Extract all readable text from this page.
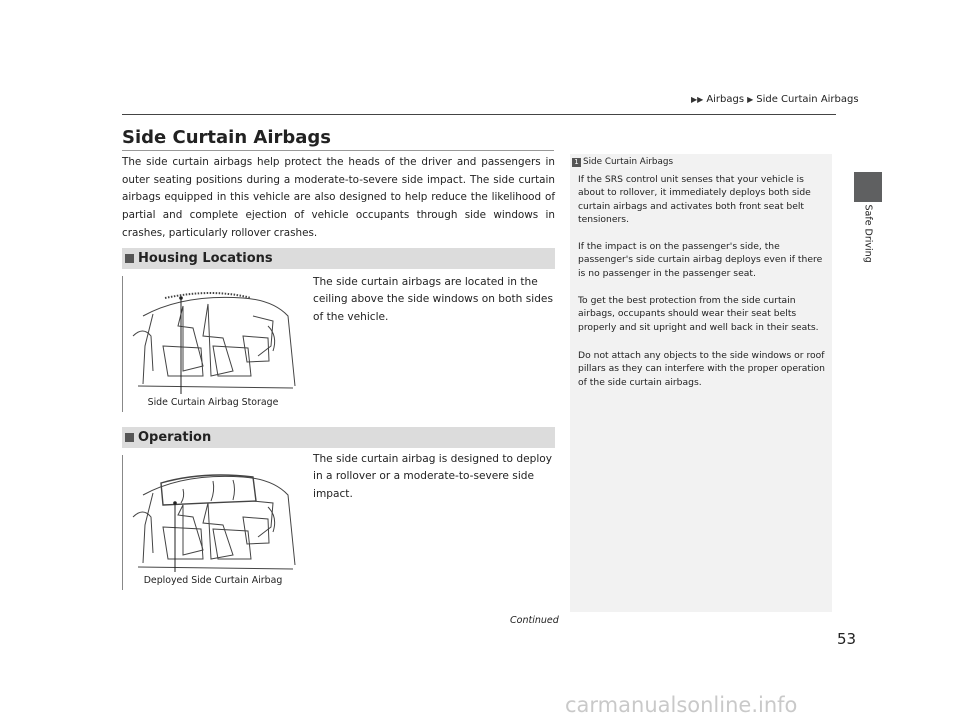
▶▶ Airbags ▶ Side Curtain Airbags
Safe Driving
Side Curtain Airbags

The side curtain airbags help protect the heads of the driver and passengers in outer seating positions during a moderate-to-severe side impact. The side curtain airbags equipped in this vehicle are also designed to help reduce the likelihood of partial and complete ejection of vehicle occupants through side windows in crashes, particularly rollover crashes.

Housing Locations

The side curtain airbags are located in the ceiling above the side windows on both sides of the vehicle.

Side Curtain Airbag Storage
Operation

The side curtain airbag is designed to deploy in a rollover or a moderate-to-severe side impact.

Deployed Side Curtain Airbag
1 Side Curtain Airbags

If the SRS control unit senses that your vehicle is about to rollover, it immediately deploys both side curtain airbags and activates both front seat belt tensioners.

If the impact is on the passenger's side, the passenger's side curtain airbag deploys even if there is no passenger in the passenger seat.

To get the best protection from the side curtain airbags, occupants should wear their seat belts properly and sit upright and well back in their seats.

Do not attach any objects to the side windows or roof pillars as they can interfere with the proper operation of the side curtain airbags.

Continued
53
carmanualsonline.info
